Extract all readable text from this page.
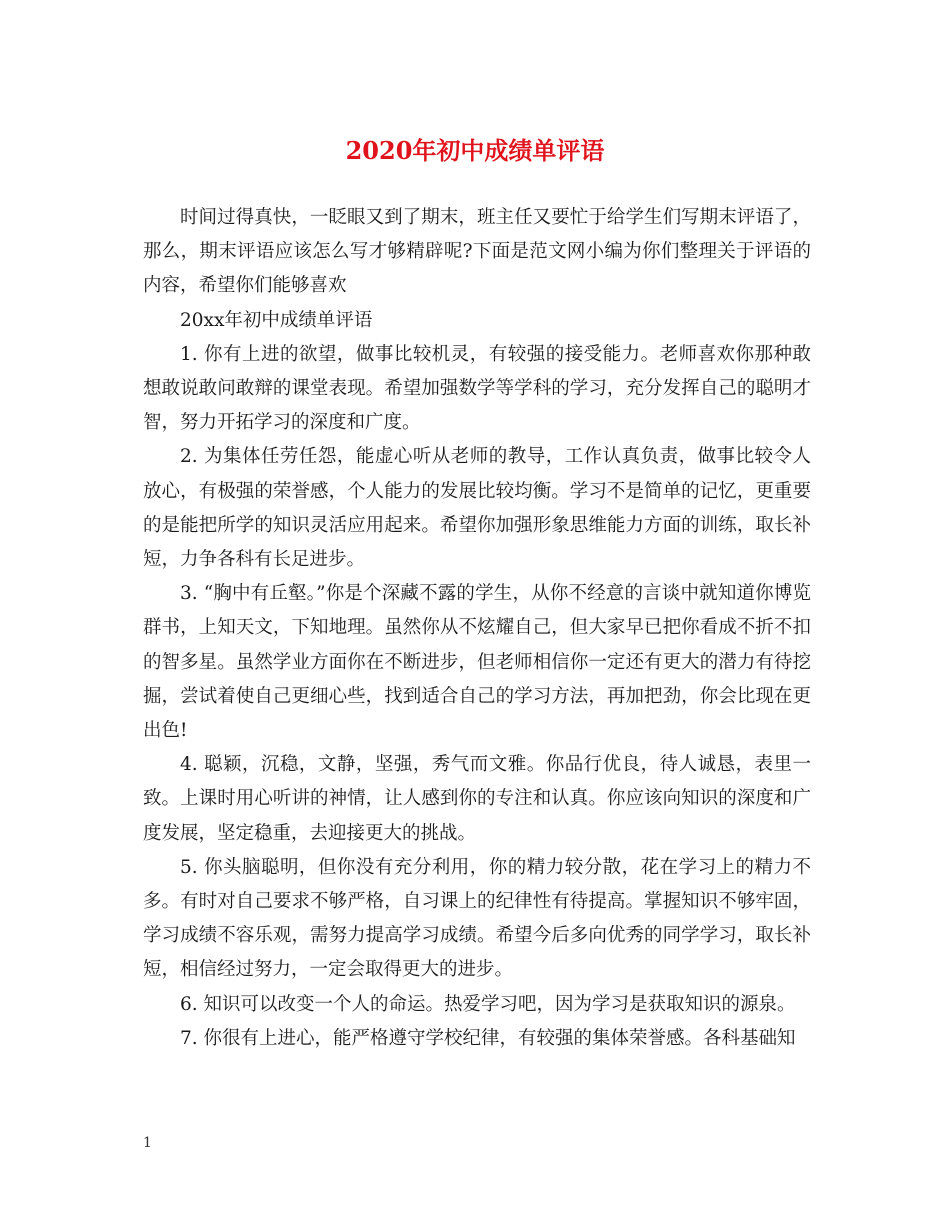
2020年初中成绩单评语

时间过得真快，一眨眼又到了期末，班主任又要忙于给学生们写期末评语了，那么，期末评语应该怎么写才够精辟呢?下面是范文网小编为你们整理关于评语的内容，希望你们能够喜欢

20xx年初中成绩单评语

1. 你有上进的欲望，做事比较机灵，有较强的接受能力。老师喜欢你那种敢想敢说敢问敢辩的课堂表现。希望加强数学等学科的学习，充分发挥自己的聪明才智，努力开拓学习的深度和广度。

2. 为集体任劳任怨，能虚心听从老师的教导，工作认真负责，做事比较令人放心，有极强的荣誉感，个人能力的发展比较均衡。学习不是简单的记忆，更重要的是能把所学的知识灵活应用起来。希望你加强形象思维能力方面的训练，取长补短，力争各科有长足进步。

3. “胸中有丘壑。”你是个深藏不露的学生，从你不经意的言谈中就知道你博览群书，上知天文，下知地理。虽然你从不炫耀自己，但大家早已把你看成不折不扣的智多星。虽然学业方面你在不断进步，但老师相信你一定还有更大的潜力有待挖掘，尝试着使自己更细心些，找到适合自己的学习方法，再加把劲，你会比现在更出色!

4. 聪颖，沉稳，文静，坚强，秀气而文雅。你品行优良，待人诚恳，表里一致。上课时用心听讲的神情，让人感到你的专注和认真。你应该向知识的深度和广度发展，坚定稳重，去迎接更大的挑战。

5. 你头脑聪明，但你没有充分利用，你的精力较分散，花在学习上的精力不多。有时对自己要求不够严格，自习课上的纪律性有待提高。掌握知识不够牢固，学习成绩不容乐观，需努力提高学习成绩。希望今后多向优秀的同学学习，取长补短，相信经过努力，一定会取得更大的进步。

6. 知识可以改变一个人的命运。热爱学习吧，因为学习是获取知识的源泉。

7. 你很有上进心，能严格遵守学校纪律，有较强的集体荣誉感。各科基础知

1
